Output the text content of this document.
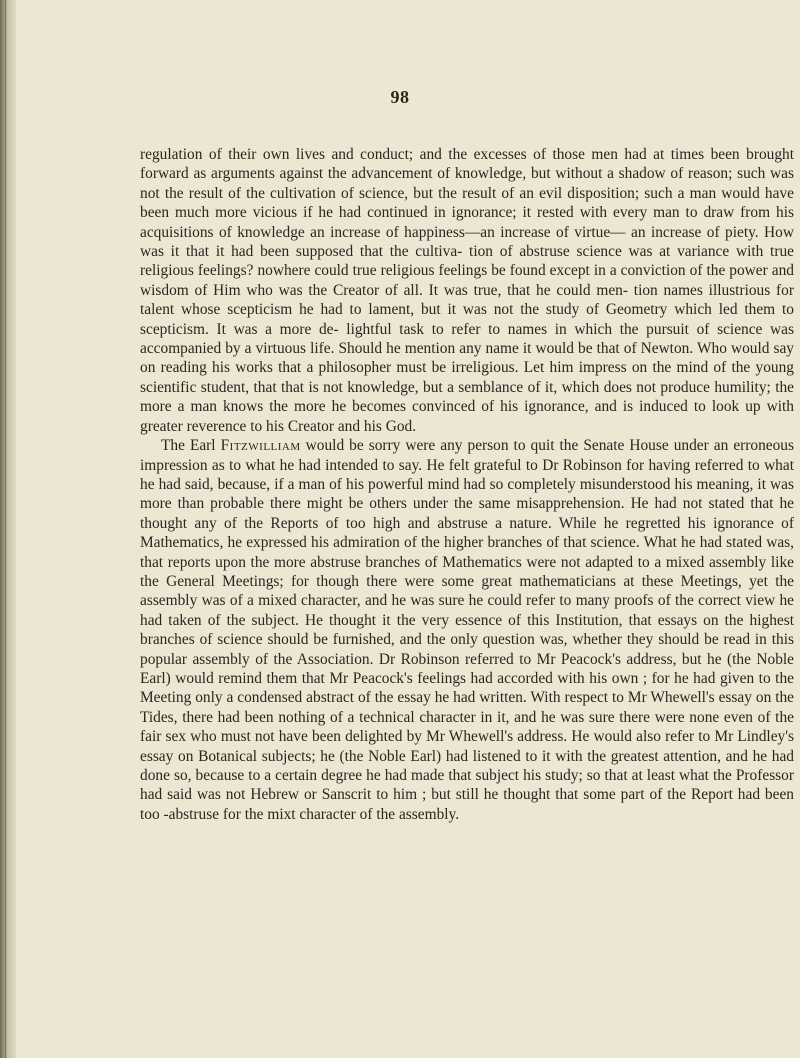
98

regulation of their own lives and conduct; and the excesses of those men had at times been brought forward as arguments against the advancement of knowledge, but without a shadow of reason; such was not the result of the cultivation of science, but the result of an evil disposition; such a man would have been much more vicious if he had continued in ignorance; it rested with every man to draw from his acquisitions of knowledge an increase of happiness—an increase of virtue— an increase of piety. How was it that it had been supposed that the cultiva- tion of abstruse science was at variance with true religious feelings? nowhere could true religious feelings be found except in a conviction of the power and wisdom of Him who was the Creator of all. It was true, that he could men- tion names illustrious for talent whose scepticism he had to lament, but it was not the study of Geometry which led them to scepticism. It was a more de- lightful task to refer to names in which the pursuit of science was accompanied by a virtuous life. Should he mention any name it would be that of Newton. Who would say on reading his works that a philosopher must be irreligious. Let him impress on the mind of the young scientific student, that that is not knowledge, but a semblance of it, which does not produce humility; the more a man knows the more he becomes convinced of his ignorance, and is induced to look up with greater reverence to his Creator and his God.

The Earl Fitzwilliam would be sorry were any person to quit the Senate House under an erroneous impression as to what he had intended to say. He felt grateful to Dr Robinson for having referred to what he had said, because, if a man of his powerful mind had so completely misunderstood his meaning, it was more than probable there might be others under the same misapprehension. He had not stated that he thought any of the Reports of too high and abstruse a nature. While he regretted his ignorance of Mathematics, he expressed his admiration of the higher branches of that science. What he had stated was, that reports upon the more abstruse branches of Mathematics were not adapted to a mixed assembly like the General Meetings; for though there were some great mathematicians at these Meetings, yet the assembly was of a mixed character, and he was sure he could refer to many proofs of the correct view he had taken of the subject. He thought it the very essence of this Institution, that essays on the highest branches of science should be furnished, and the only question was, whether they should be read in this popular assembly of the Association. Dr Robinson referred to Mr Peacock's address, but he (the Noble Earl) would remind them that Mr Peacock's feelings had accorded with his own ; for he had given to the Meeting only a condensed abstract of the essay he had written. With respect to Mr Whewell's essay on the Tides, there had been nothing of a technical character in it, and he was sure there were none even of the fair sex who must not have been delighted by Mr Whewell's address. He would also refer to Mr Lindley's essay on Botanical subjects; he (the Noble Earl) had listened to it with the greatest attention, and he had done so, because to a certain degree he had made that subject his study; so that at least what the Professor had said was not Hebrew or Sanscrit to him ; but still he thought that some part of the Report had been too -abstruse for the mixt character of the assembly.
